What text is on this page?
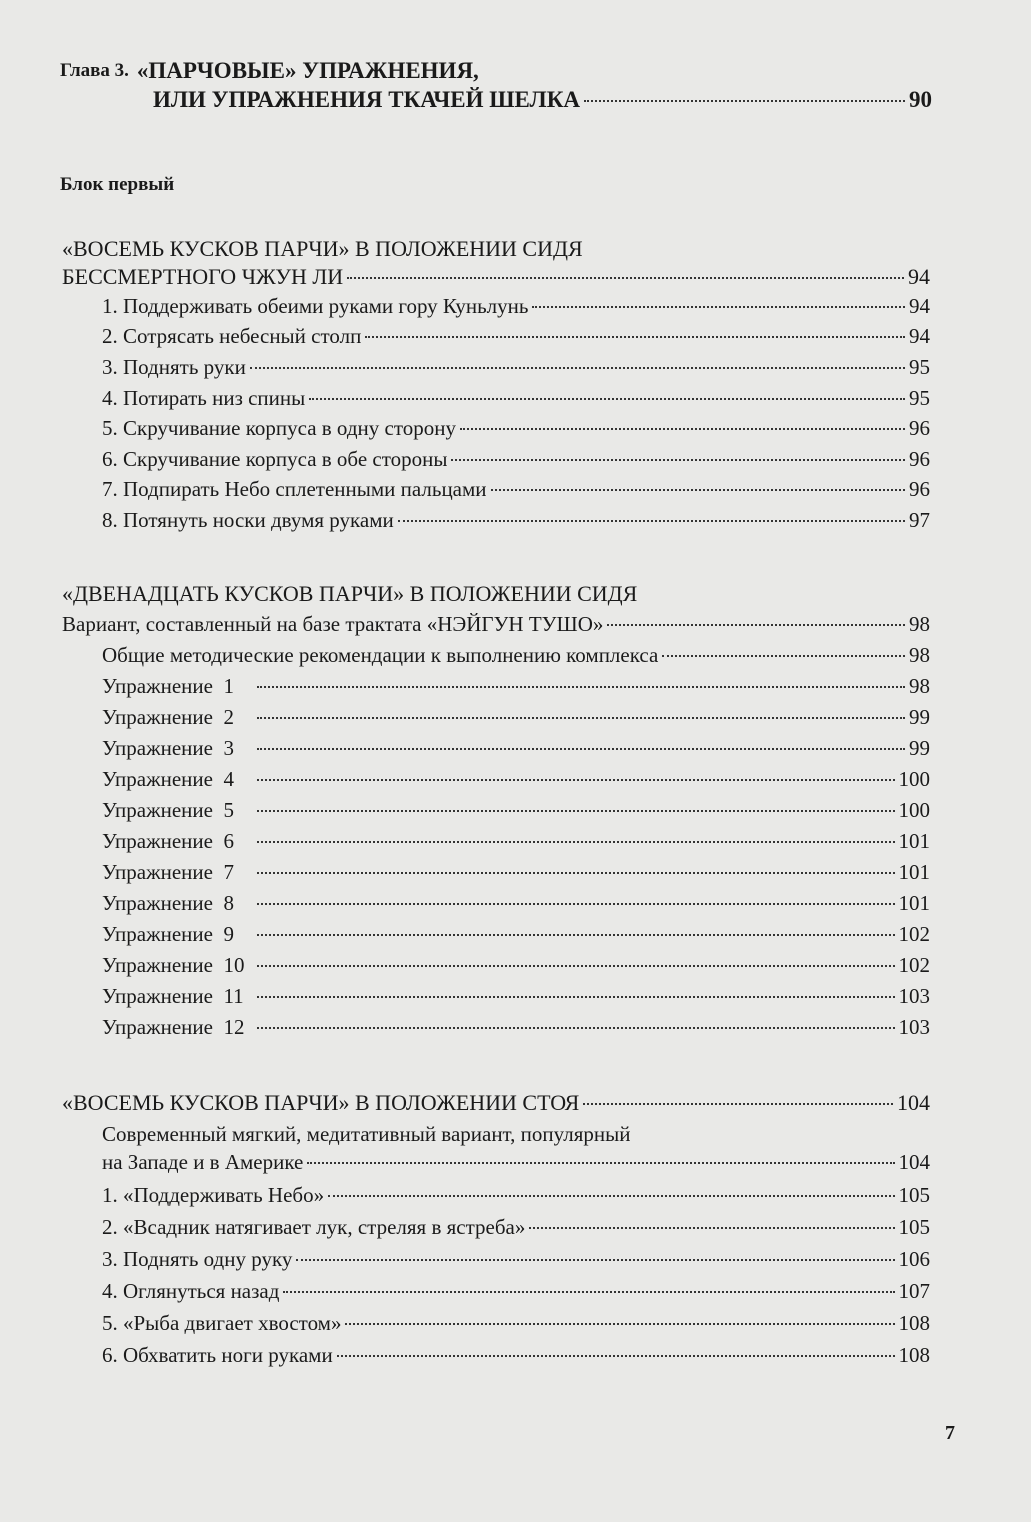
Глава 3. «ПАРЧОВЫЕ» УПРАЖНЕНИЯ,
ИЛИ УПРАЖНЕНИЯ ТКАЧЕЙ ШЕЛКА	90
Блок первый
«ВОСЕМЬ КУСКОВ ПАРЧИ» В ПОЛОЖЕНИИ СИДЯ
БЕССМЕРТНОГО ЧЖУН ЛИ	94
1. Поддерживать обеими руками гору Куньлунь	94
2. Сотрясать небесный столп	94
3. Поднять руки	95
4. Потирать низ спины	95
5. Скручивание корпуса в одну сторону	96
6. Скручивание корпуса в обе стороны	96
7. Подпирать Небо сплетенными пальцами	96
8. Потянуть носки двумя руками	97
«ДВЕНАДЦАТЬ КУСКОВ ПАРЧИ» В ПОЛОЖЕНИИ СИДЯ
Вариант, составленный на базе трактата «НЭЙГУН ТУШО»	98
Общие методические рекомендации к выполнению комплекса	98
Упражнение 1	98
Упражнение 2	99
Упражнение 3	99
Упражнение 4	100
Упражнение 5	100
Упражнение 6	101
Упражнение 7	101
Упражнение 8	101
Упражнение 9	102
Упражнение 10	102
Упражнение 11	103
Упражнение 12	103
«ВОСЕМЬ КУСКОВ ПАРЧИ» В ПОЛОЖЕНИИ СТОЯ	104
Современный мягкий, медитативный вариант, популярный
на Западе и в Америке	104
1. «Поддерживать Небо»	105
2. «Всадник натягивает лук, стреляя в ястреба»	105
3. Поднять одну руку	106
4. Оглянуться назад	107
5. «Рыба двигает хвостом»	108
6. Обхватить ноги руками	108
7
